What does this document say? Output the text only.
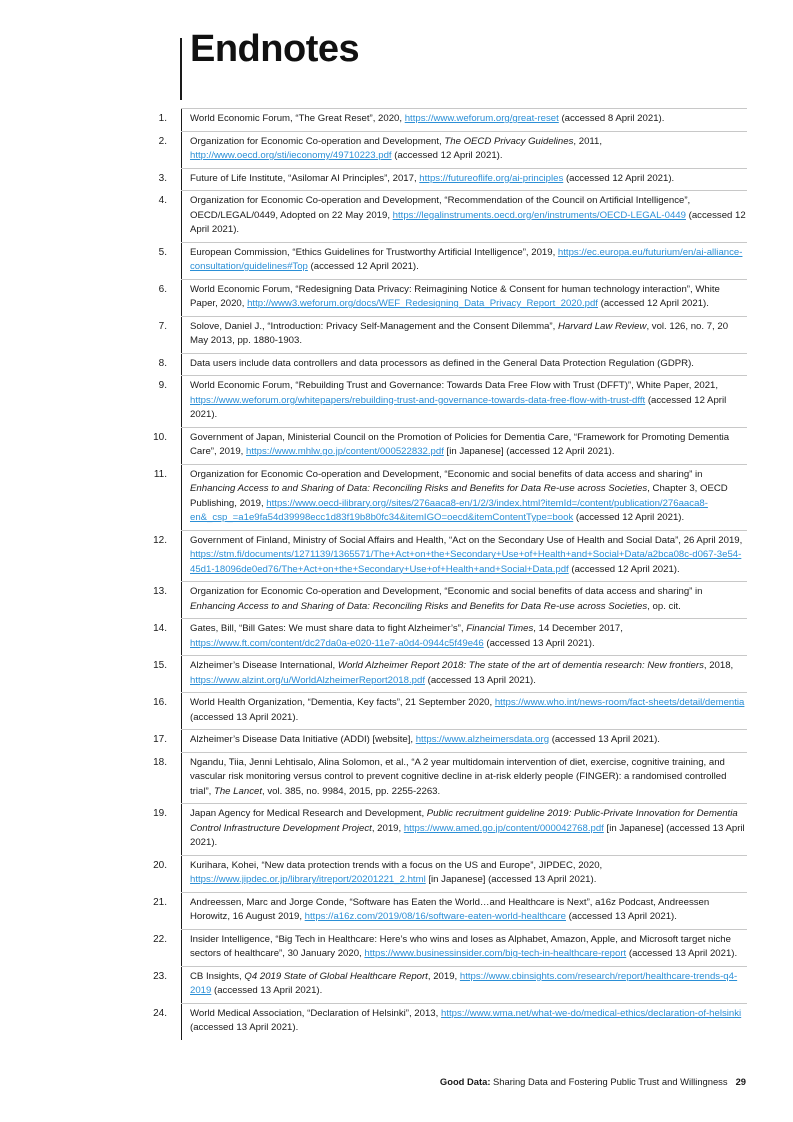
Endnotes
1.	World Economic Forum, “The Great Reset”, 2020, https://www.weforum.org/great-reset (accessed 8 April 2021).
2.	Organization for Economic Co-operation and Development, The OECD Privacy Guidelines, 2011, http://www.oecd.org/sti/ieconomy/49710223.pdf (accessed 12 April 2021).
3.	Future of Life Institute, “Asilomar AI Principles”, 2017, https://futureoflife.org/ai-principles (accessed 12 April 2021).
4.	Organization for Economic Co-operation and Development, “Recommendation of the Council on Artificial Intelligence”, OECD/LEGAL/0449, Adopted on 22 May 2019, https://legalinstruments.oecd.org/en/instruments/OECD-LEGAL-0449 (accessed 12 April 2021).
5.	European Commission, “Ethics Guidelines for Trustworthy Artificial Intelligence”, 2019, https://ec.europa.eu/futurium/en/ai-alliance-consultation/guidelines#Top (accessed 12 April 2021).
6.	World Economic Forum, “Redesigning Data Privacy: Reimagining Notice & Consent for human technology interaction”, White Paper, 2020, http://www3.weforum.org/docs/WEF_Redesigning_Data_Privacy_Report_2020.pdf (accessed 12 April 2021).
7.	Solove, Daniel J., “Introduction: Privacy Self-Management and the Consent Dilemma”, Harvard Law Review, vol. 126, no. 7, 20 May 2013, pp. 1880-1903.
8.	Data users include data controllers and data processors as defined in the General Data Protection Regulation (GDPR).
9.	World Economic Forum, “Rebuilding Trust and Governance: Towards Data Free Flow with Trust (DFFT)”, White Paper, 2021, https://www.weforum.org/whitepapers/rebuilding-trust-and-governance-towards-data-free-flow-with-trust-dfft (accessed 12 April 2021).
10.	Government of Japan, Ministerial Council on the Promotion of Policies for Dementia Care, “Framework for Promoting Dementia Care”, 2019, https://www.mhlw.go.jp/content/000522832.pdf [in Japanese] (accessed 12 April 2021).
11.	Organization for Economic Co-operation and Development, “Economic and social benefits of data access and sharing” in Enhancing Access to and Sharing of Data: Reconciling Risks and Benefits for Data Re-use across Societies, Chapter 3, OECD Publishing, 2019, https://www.oecd-ilibrary.org//sites/276aaca8-en/1/2/3/index.html?itemId=/content/publication/276aaca8-en&_csp_=a1e9fa54d39998ecc1d83f19b8b0fc34&itemIGO=oecd&itemContentType=book (accessed 12 April 2021).
12.	Government of Finland, Ministry of Social Affairs and Health, “Act on the Secondary Use of Health and Social Data”, 26 April 2019, https://stm.fi/documents/1271139/1365571/The+Act+on+the+Secondary+Use+of+Health+and+Social+Data/a2bca08c-d067-3e54-45d1-18096de0ed76/The+Act+on+the+Secondary+Use+of+Health+and+Social+Data.pdf (accessed 12 April 2021).
13.	Organization for Economic Co-operation and Development, “Economic and social benefits of data access and sharing” in Enhancing Access to and Sharing of Data: Reconciling Risks and Benefits for Data Re-use across Societies, op. cit.
14.	Gates, Bill, “Bill Gates: We must share data to fight Alzheimer’s”, Financial Times, 14 December 2017, https://www.ft.com/content/dc27da0a-e020-11e7-a0d4-0944c5f49e46 (accessed 13 April 2021).
15.	Alzheimer’s Disease International, World Alzheimer Report 2018: The state of the art of dementia research: New frontiers, 2018, https://www.alzint.org/u/WorldAlzheimerReport2018.pdf (accessed 13 April 2021).
16.	World Health Organization, “Dementia, Key facts”, 21 September 2020, https://www.who.int/news-room/fact-sheets/detail/dementia (accessed 13 April 2021).
17.	Alzheimer’s Disease Data Initiative (ADDI) [website], https://www.alzheimersdata.org (accessed 13 April 2021).
18.	Ngandu, Tiia, Jenni Lehtisalo, Alina Solomon, et al., “A 2 year multidomain intervention of diet, exercise, cognitive training, and vascular risk monitoring versus control to prevent cognitive decline in at-risk elderly people (FINGER): a randomised controlled trial”, The Lancet, vol. 385, no. 9984, 2015, pp. 2255-2263.
19.	Japan Agency for Medical Research and Development, Public recruitment guideline 2019: Public-Private Innovation for Dementia Control Infrastructure Development Project, 2019, https://www.amed.go.jp/content/000042768.pdf [in Japanese] (accessed 13 April 2021).
20.	Kurihara, Kohei, “New data protection trends with a focus on the US and Europe”, JIPDEC, 2020, https://www.jipdec.or.jp/library/itreport/20201221_2.html [in Japanese] (accessed 13 April 2021).
21.	Andreessen, Marc and Jorge Conde, “Software has Eaten the World…and Healthcare is Next”, a16z Podcast, Andreessen Horowitz, 16 August 2019, https://a16z.com/2019/08/16/software-eaten-world-healthcare (accessed 13 April 2021).
22.	Insider Intelligence, “Big Tech in Healthcare: Here’s who wins and loses as Alphabet, Amazon, Apple, and Microsoft target niche sectors of healthcare”, 30 January 2020, https://www.businessinsider.com/big-tech-in-healthcare-report (accessed 13 April 2021).
23.	CB Insights, Q4 2019 State of Global Healthcare Report, 2019, https://www.cbinsights.com/research/report/healthcare-trends-q4-2019 (accessed 13 April 2021).
24.	World Medical Association, “Declaration of Helsinki”, 2013, https://www.wma.net/what-we-do/medical-ethics/declaration-of-helsinki (accessed 13 April 2021).
Good Data: Sharing Data and Fostering Public Trust and Willingness 29
